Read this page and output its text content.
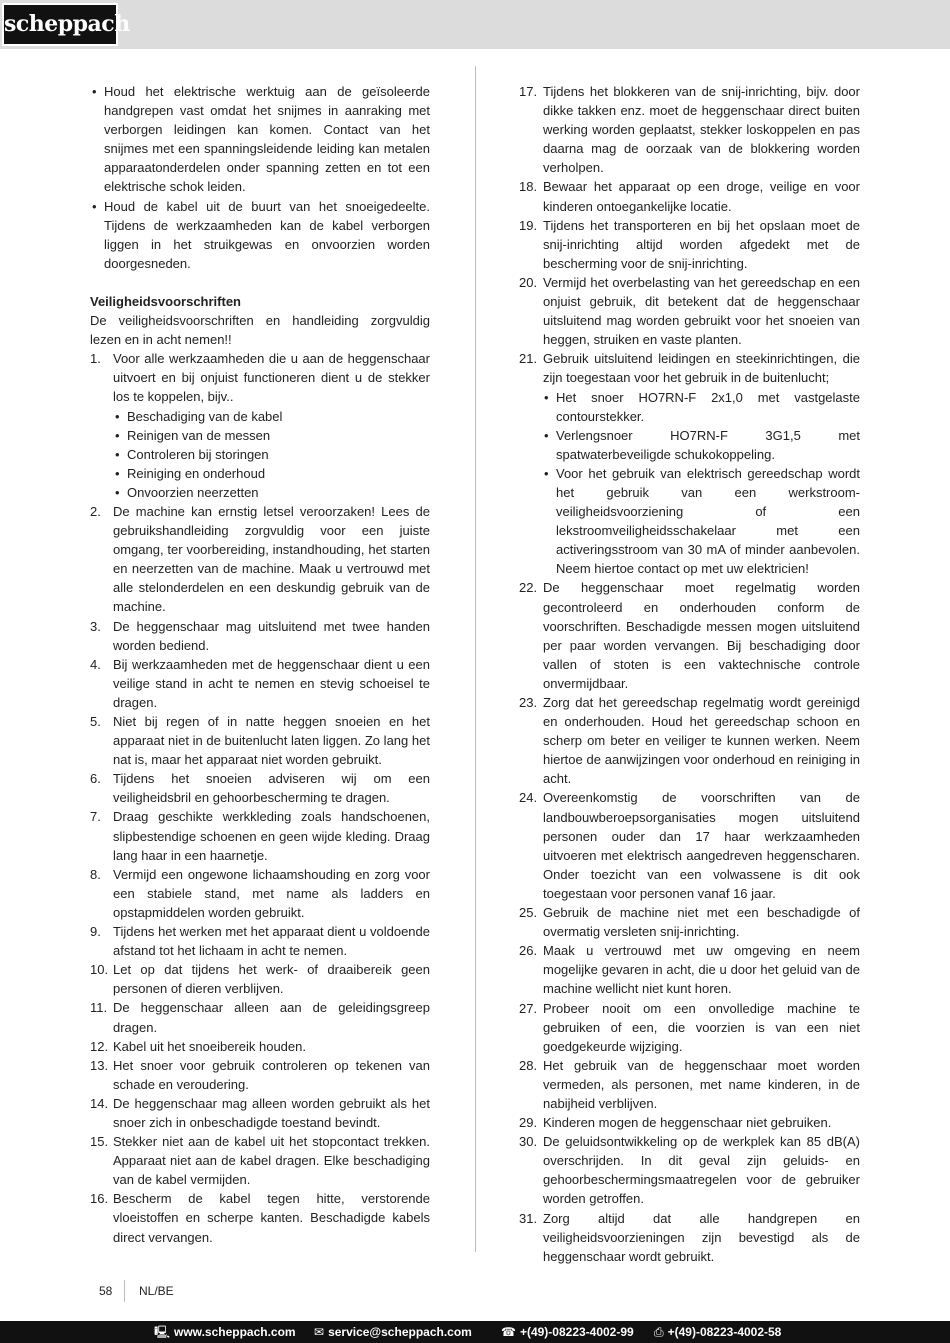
scheppach
• Houd het elektrische werktuig aan de geïsoleerde handgrepen vast omdat het snijmes in aanraking met verborgen leidingen kan komen. Contact van het snijmes met een spanningsleidende leiding kan metalen apparaatonderdelen onder spanning zetten en tot een elektrische schok leiden.
• Houd de kabel uit de buurt van het snoeigedeelte. Tijdens de werkzaamheden kan de kabel verborgen liggen in het struikgewas en onvoorzien worden doorgesneden.

Veiligheidsvoorschriften

De veiligheidsvoorschriften en handleiding zorgvuldig lezen en in acht nemen!!

1. Voor alle werkzaamheden die u aan de heggenschaar uitvoert en bij onjuist functioneren dient u de stekker los te koppelen, bijv..
• Beschadiging van de kabel
• Reinigen van de messen
• Controleren bij storingen
• Reiniging en onderhoud
• Onvoorzien neerzetten
2. De machine kan ernstig letsel veroorzaken! Lees de gebruikshandleiding zorgvuldig voor een juiste omgang, ter voorbereiding, instandhouding, het starten en neerzetten van de machine. Maak u vertrouwd met alle stelonderdelen en een deskundig gebruik van de machine.
3. De heggenschaar mag uitsluitend met twee handen worden bediend.
4. Bij werkzaamheden met de heggenschaar dient u een veilige stand in acht te nemen en stevig schoeisel te dragen.
5. Niet bij regen of in natte heggen snoeien en het apparaat niet in de buitenlucht laten liggen. Zo lang het nat is, maar het apparaat niet worden gebruikt.
6. Tijdens het snoeien adviseren wij om een veiligheidsbril en gehoorbescherming te dragen.
7. Draag geschikte werkkleding zoals handschoenen, slipbestendige schoenen en geen wijde kleding. Draag lang haar in een haarnetje.
8. Vermijd een ongewone lichaamshouding en zorg voor een stabiele stand, met name als ladders en opstapmiddelen worden gebruikt.
9. Tijdens het werken met het apparaat dient u voldoende afstand tot het lichaam in acht te nemen.
10. Let op dat tijdens het werk- of draaibereik geen personen of dieren verblijven.
11. De heggenschaar alleen aan de geleidingsgreep dragen.
12. Kabel uit het snoeibereik houden.
13. Het snoer voor gebruik controleren op tekenen van schade en veroudering.
14. De heggenschaar mag alleen worden gebruikt als het snoer zich in onbeschadigde toestand bevindt.
15. Stekker niet aan de kabel uit het stopcontact trekken. Apparaat niet aan de kabel dragen. Elke beschadiging van de kabel vermijden.
16. Bescherm de kabel tegen hitte, verstorende vloeistoffen en scherpe kanten. Beschadigde kabels direct vervangen.
17. Tijdens het blokkeren van de snij-inrichting, bijv. door dikke takken enz. moet de heggenschaar direct buiten werking worden geplaatst, stekker loskoppelen en pas daarna mag de oorzaak van de blokkering worden verholpen.
18. Bewaar het apparaat op een droge, veilige en voor kinderen ontoegankelijke locatie.
19. Tijdens het transporteren en bij het opslaan moet de snij-inrichting altijd worden afgedekt met de bescherming voor de snij-inrichting.
20. Vermijd het overbelasting van het gereedschap en een onjuist gebruik, dit betekent dat de heggenschaar uitsluitend mag worden gebruikt voor het snoeien van heggen, struiken en vaste planten.
21. Gebruik uitsluitend leidingen en steekinrichtingen, die zijn toegestaan voor het gebruik in de buitenlucht;
• Het snoer HO7RN-F 2x1,0 met vastgelaste contourstekker.
• Verlengsnoer HO7RN-F 3G1,5 met spatwaterbeveiligde schukokoppeling.
• Voor het gebruik van elektrisch gereedschap wordt het gebruik van een werkstroom-veiligheidsvoorziening of een lekstroomveiligheidsschakelaar met een activeringsstroom van 30 mA of minder aanbevolen. Neem hiertoe contact op met uw elektricien!
22. De heggenschaar moet regelmatig worden gecontroleerd en onderhouden conform de voorschriften. Beschadigde messen mogen uitsluitend per paar worden vervangen. Bij beschadiging door vallen of stoten is een vaktechnische controle onvermijdbaar.
23. Zorg dat het gereedschap regelmatig wordt gereinigd en onderhouden. Houd het gereedschap schoon en scherp om beter en veiliger te kunnen werken. Neem hiertoe de aanwijzingen voor onderhoud en reiniging in acht.
24. Overeenkomstig de voorschriften van de landbouwberoepsorganisaties mogen uitsluitend personen ouder dan 17 haar werkzaamheden uitvoeren met elektrisch aangedreven heggenscharen. Onder toezicht van een volwassene is dit ook toegestaan voor personen vanaf 16 jaar.
25. Gebruik de machine niet met een beschadigde of overmatig versleten snij-inrichting.
26. Maak u vertrouwd met uw omgeving en neem mogelijke gevaren in acht, die u door het geluid van de machine wellicht niet kunt horen.
27. Probeer nooit om een onvolledige machine te gebruiken of een, die voorzien is van een niet goedgekeurde wijziging.
28. Het gebruik van de heggenschaar moet worden vermeden, als personen, met name kinderen, in de nabijheid verblijven.
29. Kinderen mogen de heggenschaar niet gebruiken.
30. De geluidsontwikkeling op de werkplek kan 85 dB(A) overschrijden. In dit geval zijn geluids- en gehoorbeschermingsmaatregelen voor de gebruiker worden getroffen.
31. Zorg altijd dat alle handgrepen en veiligheidsvoorzieningen zijn bevestigd als de heggenschaar wordt gebruikt.
58 NL/BE
🖳 www.scheppach.com ✉ service@scheppach.com ☎ +(49)-08223-4002-99 ⎙ +(49)-08223-4002-58
